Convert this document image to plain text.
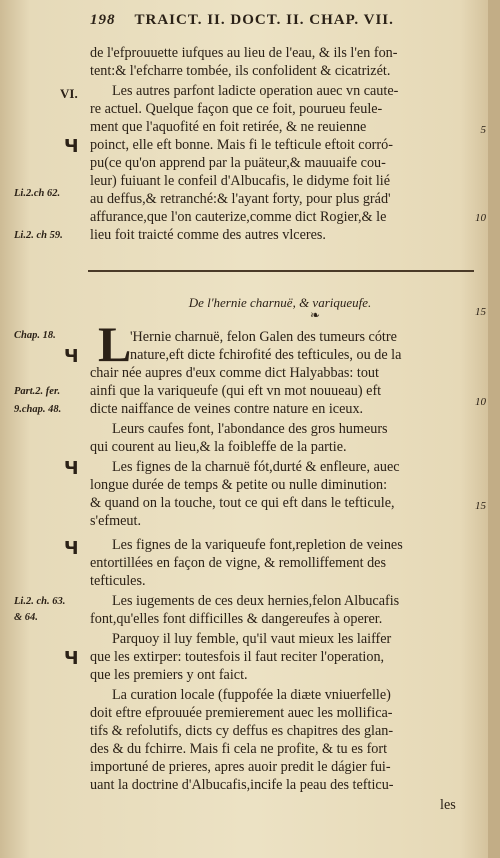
198 TRAICT. II. DOCT. II. CHAP. VII.
de l'efprouuette iufques au lieu de l'eau, & ils l'en fon-
tent:& l'efcharre tombée, ils confolident & cicatrizét.
Les autres parfont ladicte operation auec vn caute-
re actuel. Quelque façon que ce foit, pourueu feule-
ment que l'aquofité en foit retirée, & ne reuienne
poinct, elle eft bonne. Mais fi le tefticule eftoit corró-
pu(ce qu'on apprend par la puäteur,& mauuaife cou-
leur) fuiuant le confeil d'Albucafis, le didyme foit lié
au deffus,& retranché:& l'ayant forty, pour plus grád'
affurance,que l'on cauterize,comme dict Rogier,& le
lieu foit traicté comme des autres vlceres.
VI.
Ч
Li.2.ch 62.
Li.2. ch 59.
5
10
De l'hernie charnuë, & variqueufe.
❧	15
L
'Hernie charnuë, felon Galen des tumeurs cótre
nature,eft dicte fchirofité des tefticules, ou de la
chair née aupres d'eux comme dict Halyabbas: tout
ainfi que la variqueufe (qui eft vn mot nouueau) eft
dicte naiffance de veines contre nature en iceux.
Leurs caufes font, l'abondance des gros humeurs
qui courent au lieu,& la foibleffe de la partie.
Les fignes de la charnuë fót,durté & enfleure, auec
longue durée de temps & petite ou nulle diminution:
& quand on la touche, tout ce qui eft dans le tefticule,
s'efmeut.
Les fignes de la variqueufe font,repletion de veines
entortillées en façon de vigne, & remolliffement des
tefticules.
Les iugements de ces deux hernies,felon Albucafis
font,qu'elles font difficilles & dangereufes à operer.
Parquoy il luy femble, qu'il vaut mieux les laiffer
que les extirper: toutesfois il faut reciter l'operation,
que les premiers y ont faict.
La curation locale (fuppofée la diæte vniuerfelle)
doit eftre efprouuée premierement auec les mollifica-
tifs & refolutifs, dicts cy deffus es chapitres des glan-
des & du fchirre. Mais fi cela ne profite, & tu es fort
importuné de prieres, apres auoir predit le dágier fui-
uant la doctrine d'Albucafis,incife la peau des tefticu-
les
Chap. 18.
Ч
Part.2. fer.
9.chap. 48.
Ч
Ч
Li.2. ch. 63.
& 64.
Ч
10
15
